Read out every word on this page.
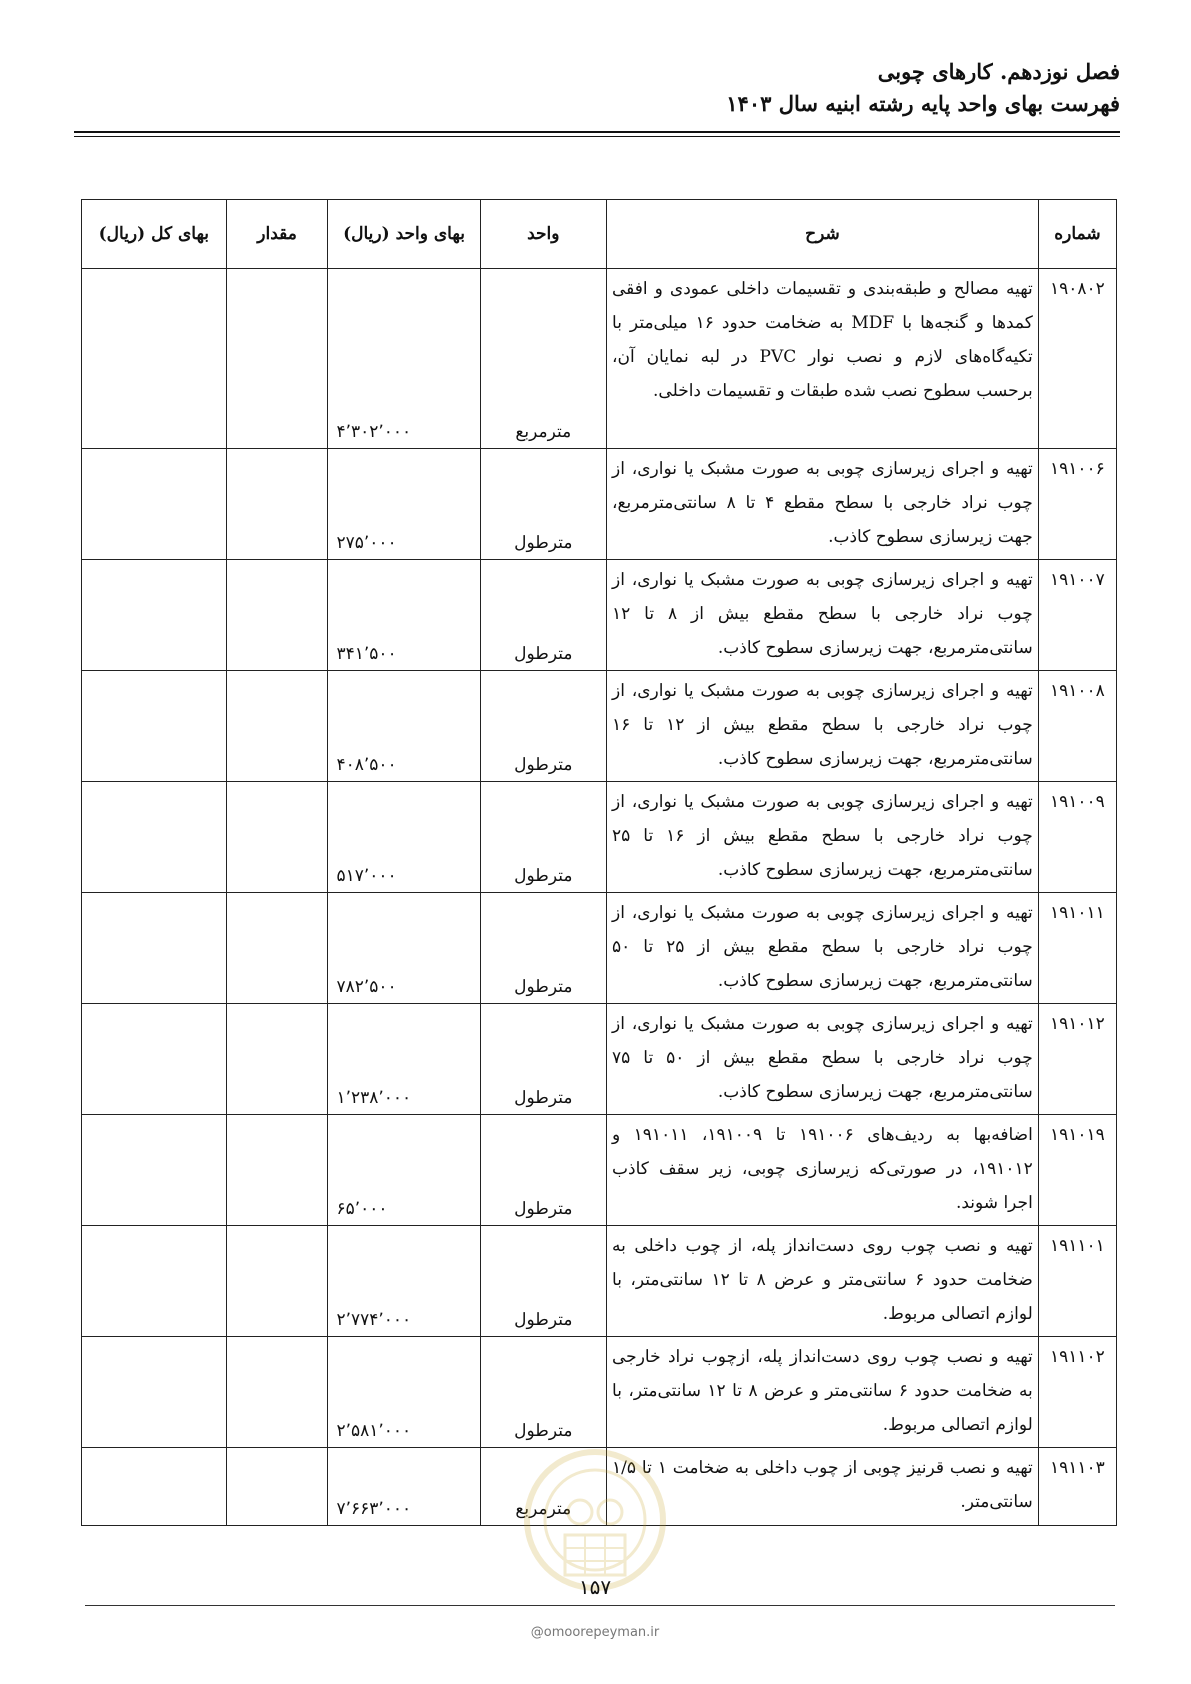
فصل نوزدهم. کارهای چوبی
فهرست بهای واحد پایه رشته ابنیه سال ۱۴۰۳
شماره	شرح	واحد	بهای واحد (ریال)	مقدار	بهای کل (ریال)
۱۹۰۸۰۲	تهیه مصالح و طبقه‌بندی و تقسیمات داخلی عمودی و افقی کمدها و گنجه‌ها با MDF به ضخامت حدود ۱۶ میلی‌متر با تکیه‌گاه‌های لازم و نصب نوار PVC در لبه نمایان آن، برحسب سطوح نصب شده طبقات و تقسیمات داخلی.	مترمربع	۴٬۳۰۲٬۰۰۰		
۱۹۱۰۰۶	تهیه و اجرای زیرسازی چوبی به صورت مشبک یا نواری، از چوب نراد خارجی با سطح مقطع ۴ تا ۸ سانتی‌مترمربع، جهت زیرسازی سطوح کاذب.	مترطول	۲۷۵٬۰۰۰		
۱۹۱۰۰۷	تهیه و اجرای زیرسازی چوبی به صورت مشبک یا نواری، از چوب نراد خارجی با سطح مقطع بیش از ۸ تا ۱۲ سانتی‌مترمربع، جهت زیرسازی سطوح کاذب.	مترطول	۳۴۱٬۵۰۰		
۱۹۱۰۰۸	تهیه و اجرای زیرسازی چوبی به صورت مشبک یا نواری، از چوب نراد خارجی با سطح مقطع بیش از ۱۲ تا ۱۶ سانتی‌مترمربع، جهت زیرسازی سطوح کاذب.	مترطول	۴۰۸٬۵۰۰		
۱۹۱۰۰۹	تهیه و اجرای زیرسازی چوبی به صورت مشبک یا نواری، از چوب نراد خارجی با سطح مقطع بیش از ۱۶ تا ۲۵ سانتی‌مترمربع، جهت زیرسازی سطوح کاذب.	مترطول	۵۱۷٬۰۰۰		
۱۹۱۰۱۱	تهیه و اجرای زیرسازی چوبی به صورت مشبک یا نواری، از چوب نراد خارجی با سطح مقطع بیش از ۲۵ تا ۵۰ سانتی‌مترمربع، جهت زیرسازی سطوح کاذب.	مترطول	۷۸۲٬۵۰۰		
۱۹۱۰۱۲	تهیه و اجرای زیرسازی چوبی به صورت مشبک یا نواری، از چوب نراد خارجی با سطح مقطع بیش از ۵۰ تا ۷۵ سانتی‌مترمربع، جهت زیرسازی سطوح کاذب.	مترطول	۱٬۲۳۸٬۰۰۰		
۱۹۱۰۱۹	اضافه‌بها به ردیف‌های ۱۹۱۰۰۶ تا ۱۹۱۰۰۹، ۱۹۱۰۱۱ و ۱۹۱۰۱۲، در صورتی‌که زیرسازی چوبی، زیر سقف کاذب اجرا شوند.	مترطول	۶۵٬۰۰۰		
۱۹۱۱۰۱	تهیه و نصب چوب روی دست‌انداز پله، از چوب داخلی به ضخامت حدود ۶ سانتی‌متر و عرض ۸ تا ۱۲ سانتی‌متر، با لوازم اتصالی مربوط.	مترطول	۲٬۷۷۴٬۰۰۰		
۱۹۱۱۰۲	تهیه و نصب چوب روی دست‌انداز پله، ازچوب نراد خارجی به ضخامت حدود ۶ سانتی‌متر و عرض ۸ تا ۱۲ سانتی‌متر، با لوازم اتصالی مربوط.	مترطول	۲٬۵۸۱٬۰۰۰		
۱۹۱۱۰۳	تهیه و نصب قرنیز چوبی از چوب داخلی به ضخامت ۱ تا ۱/۵ سانتی‌متر.	مترمربع	۷٬۶۶۳٬۰۰۰		
۱۵۷
@omoorepeyman.ir
